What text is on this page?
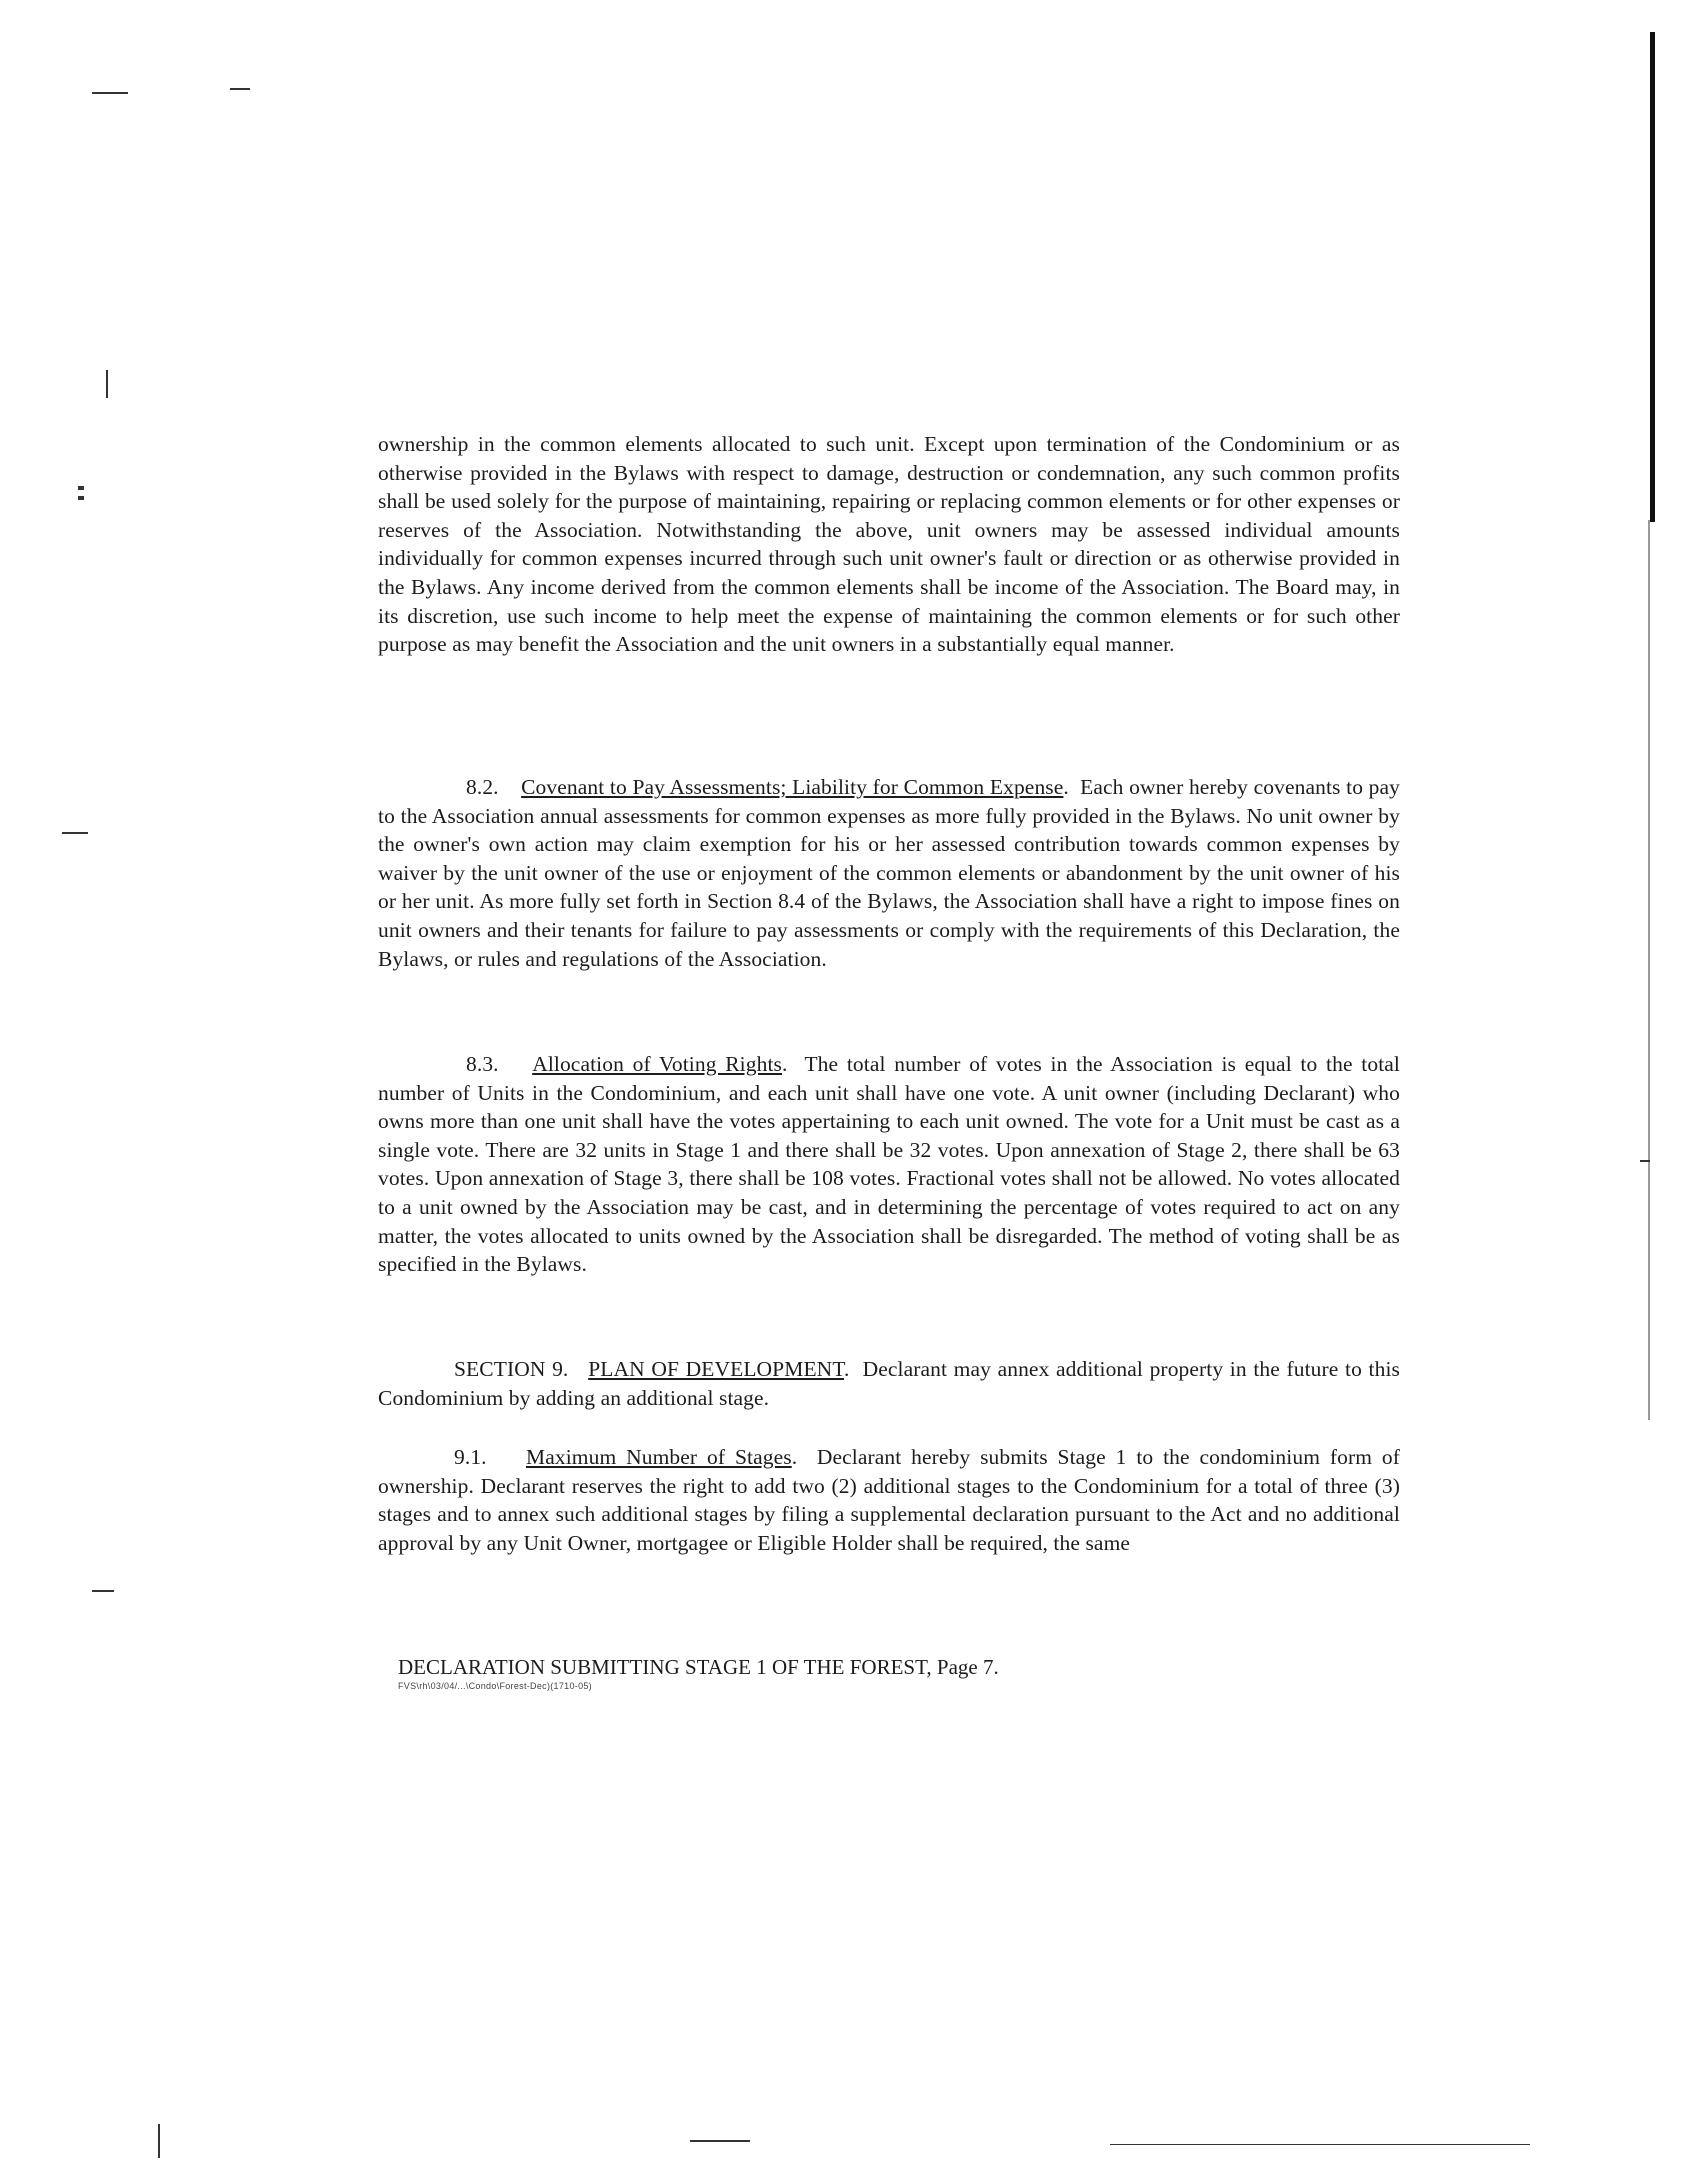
ownership in the common elements allocated to such unit. Except upon termination of the Condominium or as otherwise provided in the Bylaws with respect to damage, destruction or condemnation, any such common profits shall be used solely for the purpose of maintaining, repairing or replacing common elements or for other expenses or reserves of the Association. Notwithstanding the above, unit owners may be assessed individual amounts individually for common expenses incurred through such unit owner's fault or direction or as otherwise provided in the Bylaws. Any income derived from the common elements shall be income of the Association. The Board may, in its discretion, use such income to help meet the expense of maintaining the common elements or for such other purpose as may benefit the Association and the unit owners in a substantially equal manner.

8.2. Covenant to Pay Assessments; Liability for Common Expense.  Each owner hereby covenants to pay to the Association annual assessments for common expenses as more fully provided in the Bylaws. No unit owner by the owner's own action may claim exemption for his or her assessed contribution towards common expenses by waiver by the unit owner of the use or enjoyment of the common elements or abandonment by the unit owner of his or her unit. As more fully set forth in Section 8.4 of the Bylaws, the Association shall have a right to impose fines on unit owners and their tenants for failure to pay assessments or comply with the requirements of this Declaration, the Bylaws, or rules and regulations of the Association.

8.3. Allocation of Voting Rights.  The total number of votes in the Association is equal to the total number of Units in the Condominium, and each unit shall have one vote. A unit owner (including Declarant) who owns more than one unit shall have the votes appertaining to each unit owned. The vote for a Unit must be cast as a single vote. There are 32 units in Stage 1 and there shall be 32 votes. Upon annexation of Stage 2, there shall be 63 votes. Upon annexation of Stage 3, there shall be 108 votes. Fractional votes shall not be allowed. No votes allocated to a unit owned by the Association may be cast, and in determining the percentage of votes required to act on any matter, the votes allocated to units owned by the Association shall be disregarded. The method of voting shall be as specified in the Bylaws.

SECTION 9. PLAN OF DEVELOPMENT.  Declarant may annex additional property in the future to this Condominium by adding an additional stage.

9.1. Maximum Number of Stages.  Declarant hereby submits Stage 1 to the condominium form of ownership. Declarant reserves the right to add two (2) additional stages to the Condominium for a total of three (3) stages and to annex such additional stages by filing a supplemental declaration pursuant to the Act and no additional approval by any Unit Owner, mortgagee or Eligible Holder shall be required, the same

DECLARATION SUBMITTING STAGE 1 OF THE FOREST, Page 7.
FVS\rh\03/04/...\Condo\Forest-Dec)(1710-05)
